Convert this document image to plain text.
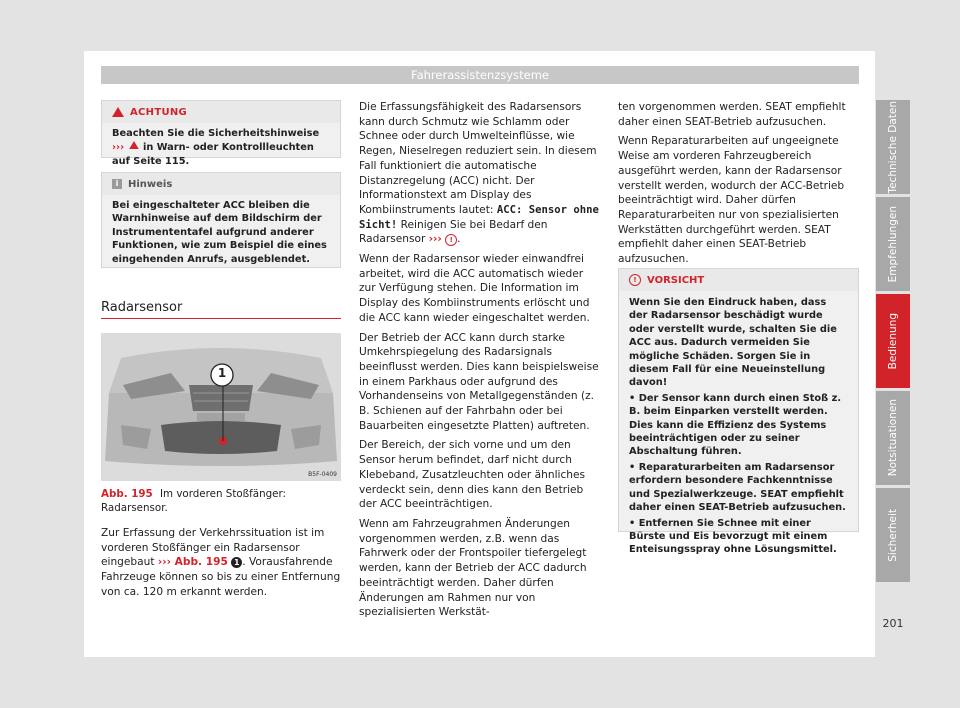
Fahrerassistenzsysteme
ACHTUNG
Beachten Sie die Sicherheitshinweise ››› in Warn- oder Kontrollleuchten auf Seite 115.
i Hinweis
Bei eingeschalteter ACC bleiben die Warnhinweise auf dem Bildschirm der Instrumententafel aufgrund anderer Funktionen, wie zum Beispiel die eines eingehenden Anrufs, ausgeblendet.
Radarsensor
1
B5F-0409
Abb. 195 Im vorderen Stoßfänger: Radarsensor.

Zur Erfassung der Verkehrssituation ist im vorderen Stoßfänger ein Radarsensor eingebaut ››› Abb. 195 1 . Vorausfahrende Fahrzeuge können so bis zu einer Entfernung von ca. 120 m erkannt werden.

Die Erfassungsfähigkeit des Radarsensors kann durch Schmutz wie Schlamm oder Schnee oder durch Umwelteinflüsse, wie Regen, Nieselregen reduziert sein. In diesem Fall funktioniert die automatische Distanzregelung (ACC) nicht. Der Informationstext am Display des Kombiinstruments lautet: ACC: Sensor ohne Sicht! Reinigen Sie bei Bedarf den Radarsensor ››› ! .

Wenn der Radarsensor wieder einwandfrei arbeitet, wird die ACC automatisch wieder zur Verfügung stehen. Die Information im Display des Kombiinstruments erlöscht und die ACC kann wieder eingeschaltet werden.

Der Betrieb der ACC kann durch starke Umkehrspiegelung des Radarsignals beeinflusst werden. Dies kann beispielsweise in einem Parkhaus oder aufgrund des Vorhandenseins von Metallgegenständen (z. B. Schienen auf der Fahrbahn oder bei Bauarbeiten eingesetzte Platten) auftreten.

Der Bereich, der sich vorne und um den Sensor herum befindet, darf nicht durch Klebeband, Zusatzleuchten oder ähnliches verdeckt sein, denn dies kann den Betrieb der ACC beeinträchtigen.

Wenn am Fahrzeugrahmen Änderungen vorgenommen werden, z.B. wenn das Fahrwerk oder der Frontspoiler tiefergelegt werden, kann der Betrieb der ACC dadurch beeinträchtigt werden. Daher dürfen Änderungen am Rahmen nur von spezialisierten Werkstät-

ten vorgenommen werden. SEAT empfiehlt daher einen SEAT-Betrieb aufzusuchen.

Wenn Reparaturarbeiten auf ungeeignete Weise am vorderen Fahrzeugbereich ausgeführt werden, kann der Radarsensor verstellt werden, wodurch der ACC-Betrieb beeinträchtigt wird. Daher dürfen Reparaturarbeiten nur von spezialisierten Werkstätten durchgeführt werden. SEAT empfiehlt daher einen SEAT-Betrieb aufzusuchen.

!	VORSICHT
Wenn Sie den Eindruck haben, dass der Radarsensor beschädigt wurde oder verstellt wurde, schalten Sie die ACC aus. Dadurch vermeiden Sie mögliche Schäden. Sorgen Sie in diesem Fall für eine Neueinstellung davon!
• Der Sensor kann durch einen Stoß z. B. beim Einparken verstellt werden. Dies kann die Effizienz des Systems beeinträchtigen oder zu seiner Abschaltung führen.
• Reparaturarbeiten am Radarsensor erfordern besondere Fachkenntnisse und Spezialwerkzeuge. SEAT empfiehlt daher einen SEAT-Betrieb aufzusuchen.
• Entfernen Sie Schnee mit einer Bürste und Eis bevorzugt mit einem Enteisungsspray ohne Lösungsmittel.
Technische Daten
Empfehlungen
Bedienung
Notsituationen
Sicherheit
201
